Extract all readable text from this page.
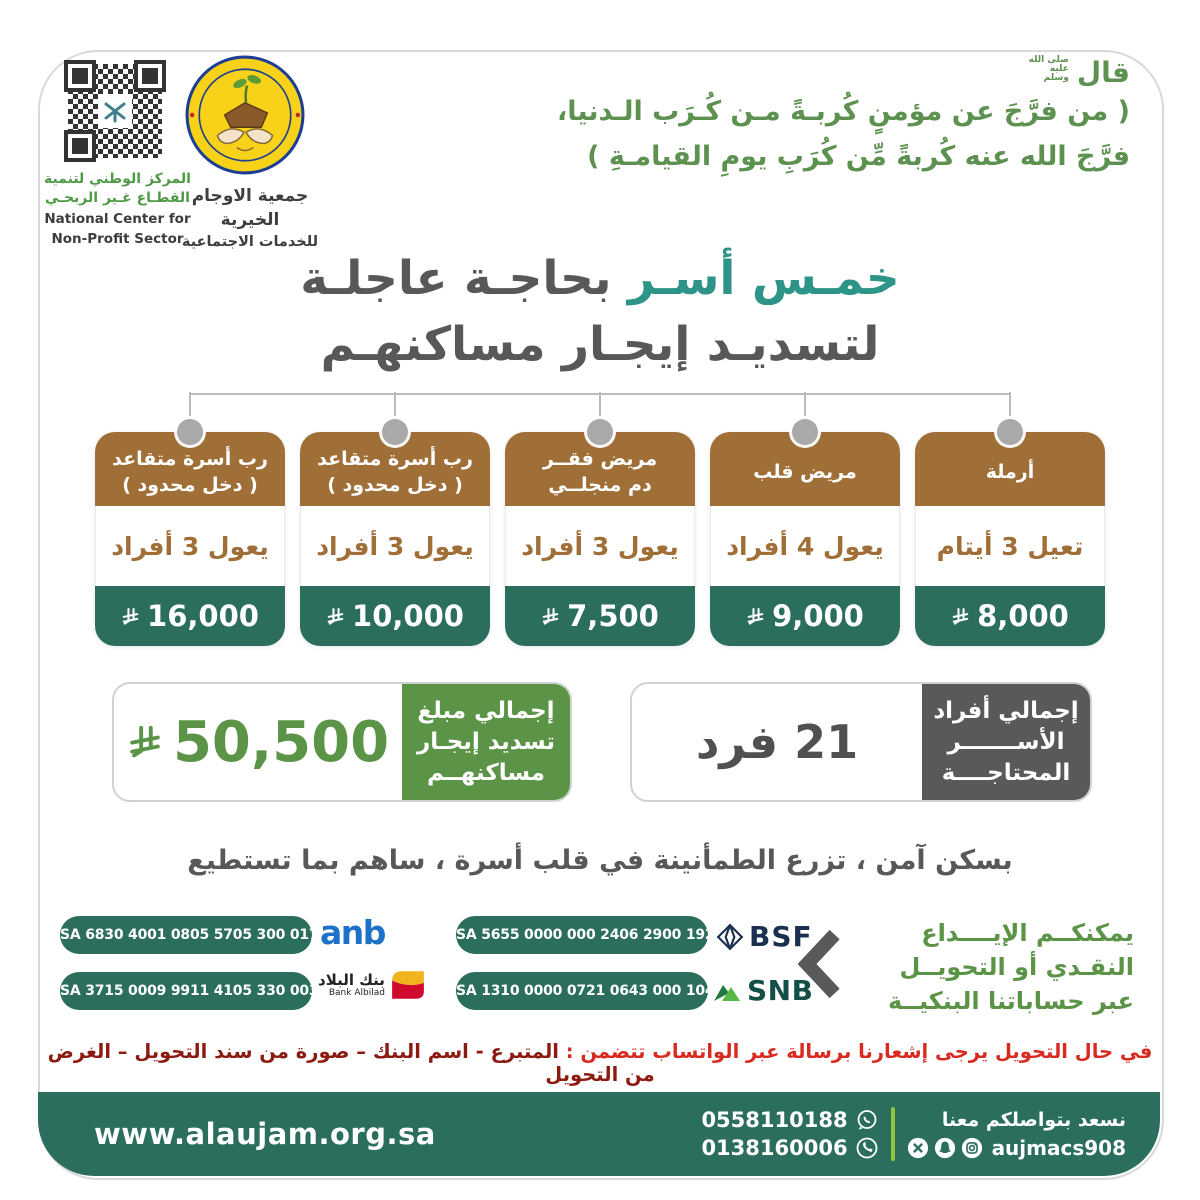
المركز الوطني لتنمية
القطـاع غـير الربحـي
National Center for
Non-Profit Sector
جمعية الاوجام الخيرية
للخدمات الاجتماعية
قال
صلى الله عليه وسلم
( من فرَّجَ عن مؤمنٍ كُربـةً مـن كُـرَب الـدنيا،
فرَّجَ الله عنه كُربةً مِّن كُرَبِ يومِ القيامـةِ )
خمـس أسـر بحاجـة عاجلـة
لتسديـد إيجـار مساكنهـم
رب أسرة متقاعد
( دخل محدود )
يعول 3 أفراد
16,000
رب أسرة متقاعد
( دخل محدود )
يعول 3 أفراد
10,000
مريض فقــر
دم منجلــي
يعول 3 أفراد
7,500
مريض قلب
يعول 4 أفراد
9,000
أرملة
تعيل 3 أيتام
8,000
50,500	إجمالي مبلغ
تسديد إيجـار
مساكنهــم
21 فرد
إجمالي أفراد
الأســـــــر
المحتاجــــة
بسكن آمن ، تزرع الطمأنينة في قلب أسرة ، ساهم بما تستطيع
SA 6830 4001 0805 5705 300 017 anb
SA 3715 0009 9911 4105 330 003
بنك البلاد
Bank Albilad
SA 5655 0000 000 2406 2900 192 BSF
SA 1310 0000 0721 0643 000 104 SNB
يمكنكــم الإيــــداع
النقـدي أو التحويــل
عبر حساباتنا البنكيــة
في حال التحويل يرجى إشعارنا برسالة عبر الواتساب تتضمن : المتبرع - اسم البنك – صورة من سند التحويل – الغرض من التحويل
www.alaujam.org.sa	0558110188
0138160006
نسعد بتواصلكم معنا
aujmacs908
